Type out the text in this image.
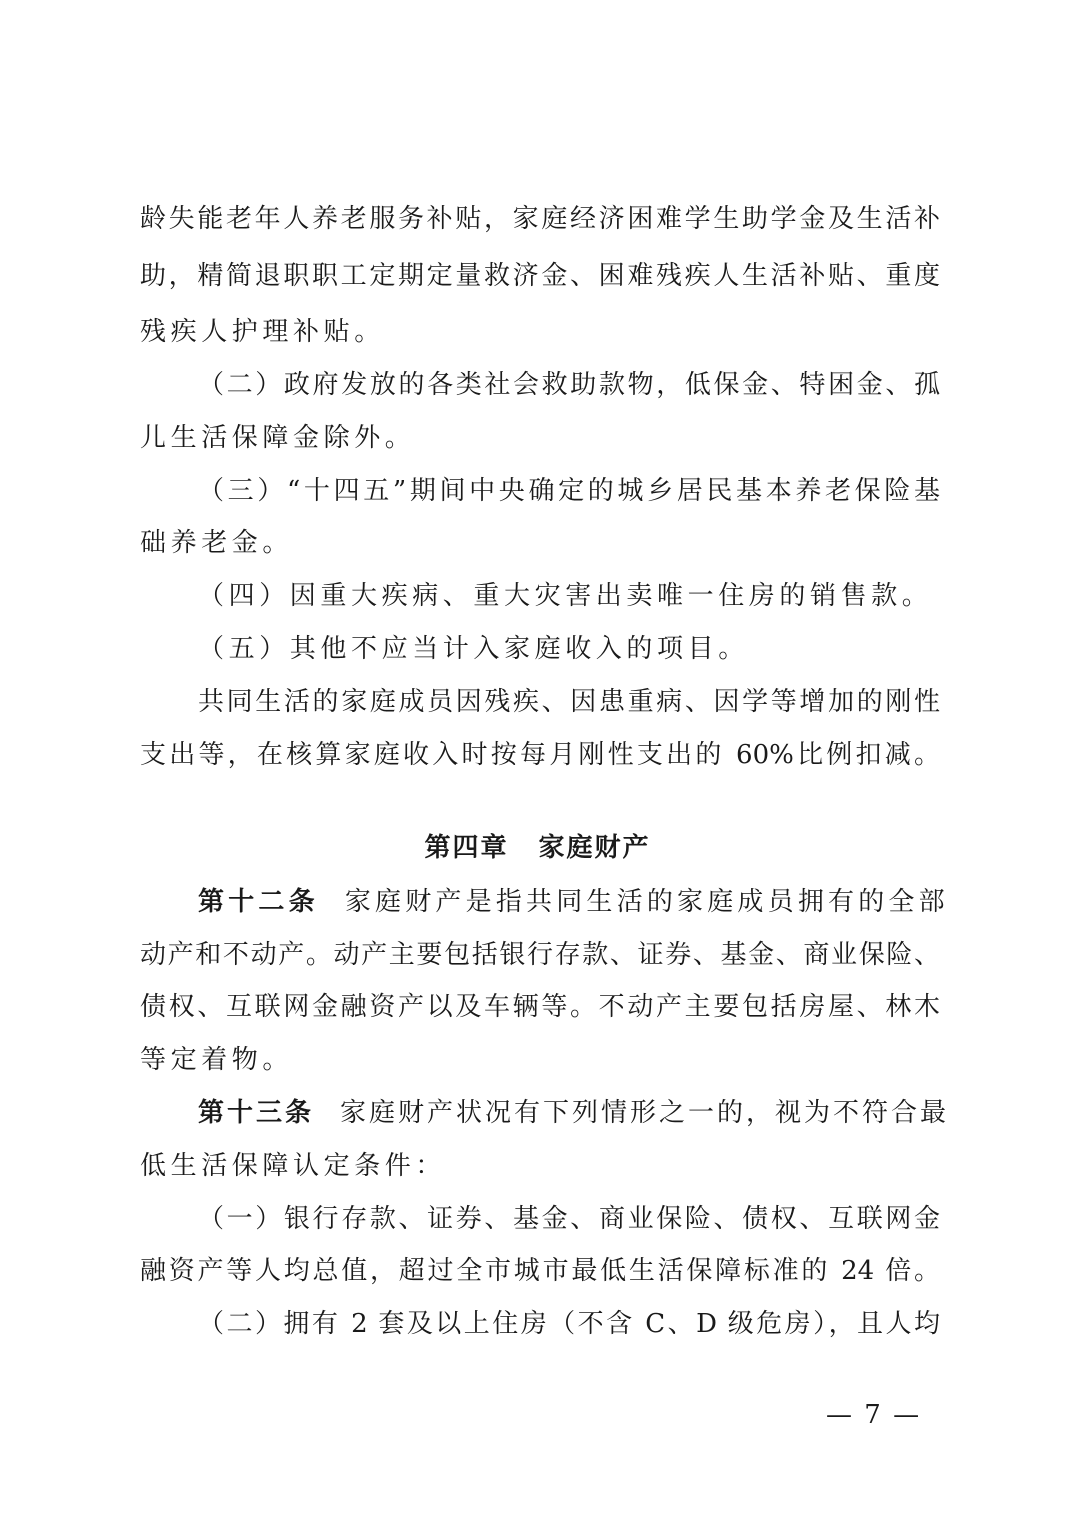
龄失能老年人养老服务补贴，家庭经济困难学生助学金及生活补
助，精简退职职工定期定量救济金、困难残疾人生活补贴、重度
残疾人护理补贴。
（二）政府发放的各类社会救助款物，低保金、特困金、孤
儿生活保障金除外。
（三）“十四五”期间中央确定的城乡居民基本养老保险基
础养老金。
（四）因重大疾病、重大灾害出卖唯一住房的销售款。
（五）其他不应当计入家庭收入的项目。
共同生活的家庭成员因残疾、因患重病、因学等增加的刚性
支出等，在核算家庭收入时按每月刚性支出的 60%比例扣减。
第四章 家庭财产
第十二条 家庭财产是指共同生活的家庭成员拥有的全部
动产和不动产。动产主要包括银行存款、证券、基金、商业保险、
债权、互联网金融资产以及车辆等。不动产主要包括房屋、林木
等定着物。
第十三条 家庭财产状况有下列情形之一的，视为不符合最
低生活保障认定条件：
（一）银行存款、证券、基金、商业保险、债权、互联网金
融资产等人均总值，超过全市城市最低生活保障标准的 24 倍。
（二）拥有 2 套及以上住房（不含 C、D 级危房），且人均
— 7 —
